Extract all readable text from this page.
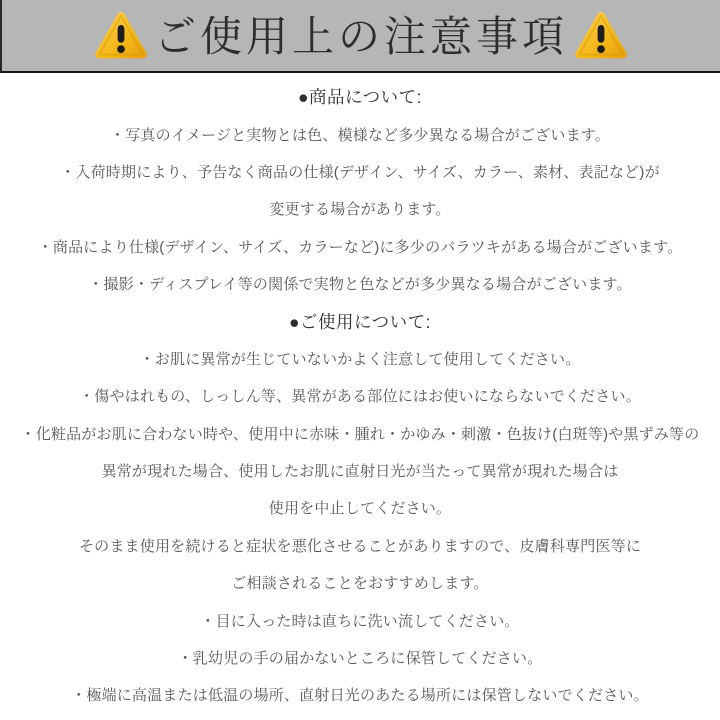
ご使用上の注意事項
●商品について:
・写真のイメージと実物とは色、模様など多少異なる場合がございます。
・入荷時期により、予告なく商品の仕様(デザイン、サイズ、カラー、素材、表記など)が
変更する場合があります。
・商品により仕様(デザイン、サイズ、カラーなど)に多少のバラツキがある場合がございます。
・撮影・ディスプレイ等の関係で実物と色などが多少異なる場合がございます。
●ご使用について:
・お肌に異常が生じていないかよく注意して使用してください。
・傷やはれもの、しっしん等、異常がある部位にはお使いにならないでください。
・化粧品がお肌に合わない時や、使用中に赤味・腫れ・かゆみ・刺激・色抜け(白斑等)や黒ずみ等の
異常が現れた場合、使用したお肌に直射日光が当たって異常が現れた場合は
使用を中止してください。
そのまま使用を続けると症状を悪化させることがありますので、皮膚科専門医等に
ご相談されることをおすすめします。
・目に入った時は直ちに洗い流してください。
・乳幼児の手の届かないところに保管してください。
・極端に高温または低温の場所、直射日光のあたる場所には保管しないでください。
